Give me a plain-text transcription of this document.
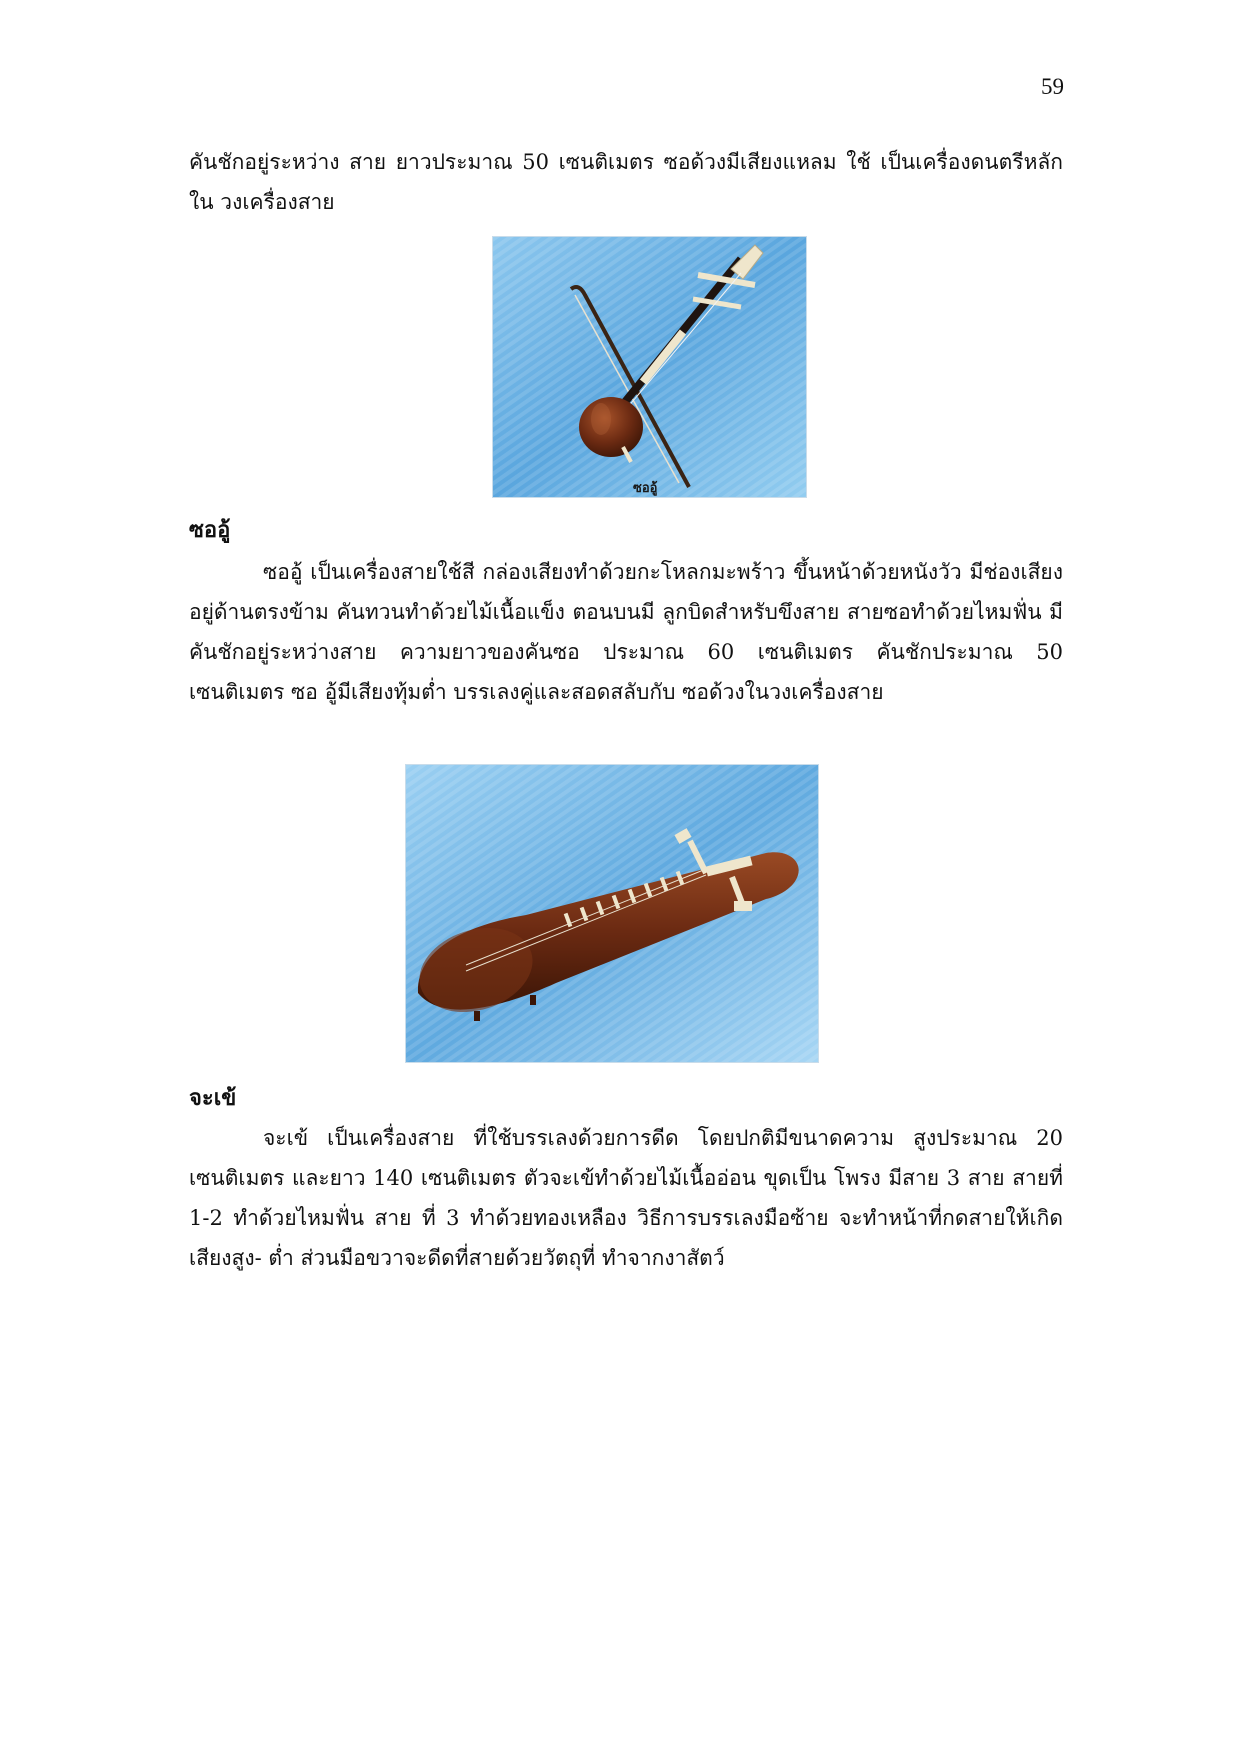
59

คันชักอยู่ระหว่าง สาย ยาวประมาณ 50 เซนติเมตร ซอด้วงมีเสียงแหลม ใช้ เป็นเครื่องดนตรีหลักใน วงเครื่องสาย

ซออู้
ซออู้

ซออู้ เป็นเครื่องสายใช้สี กล่องเสียงทำด้วยกะโหลกมะพร้าว ขึ้นหน้าด้วยหนังวัว มีช่องเสียงอยู่ด้านตรงข้าม คันทวนทำด้วยไม้เนื้อแข็ง ตอนบนมี ลูกบิดสำหรับขึงสาย สายซอทำด้วยไหมฟั่น มีคันชักอยู่ระหว่างสาย ความยาวของคันซอ ประมาณ 60 เซนติเมตร คันชักประมาณ 50 เซนติเมตร ซอ อู้มีเสียงทุ้มต่ำ บรรเลงคู่และสอดสลับกับ ซอด้วงในวงเครื่องสาย

จะเข้

จะเข้ เป็นเครื่องสาย ที่ใช้บรรเลงด้วยการดีด โดยปกติมีขนาดความ สูงประมาณ 20 เซนติเมตร และยาว 140 เซนติเมตร ตัวจะเข้ทำด้วยไม้เนื้ออ่อน ขุดเป็น โพรง มีสาย 3 สาย สายที่ 1-2 ทำด้วยไหมฟั่น สาย ที่ 3 ทำด้วยทองเหลือง วิธีการบรรเลงมือซ้าย จะทำหน้าที่กดสายให้เกิดเสียงสูง- ต่ำ ส่วนมือขวาจะดีดที่สายด้วยวัตถุที่ ทำจากงาสัตว์
